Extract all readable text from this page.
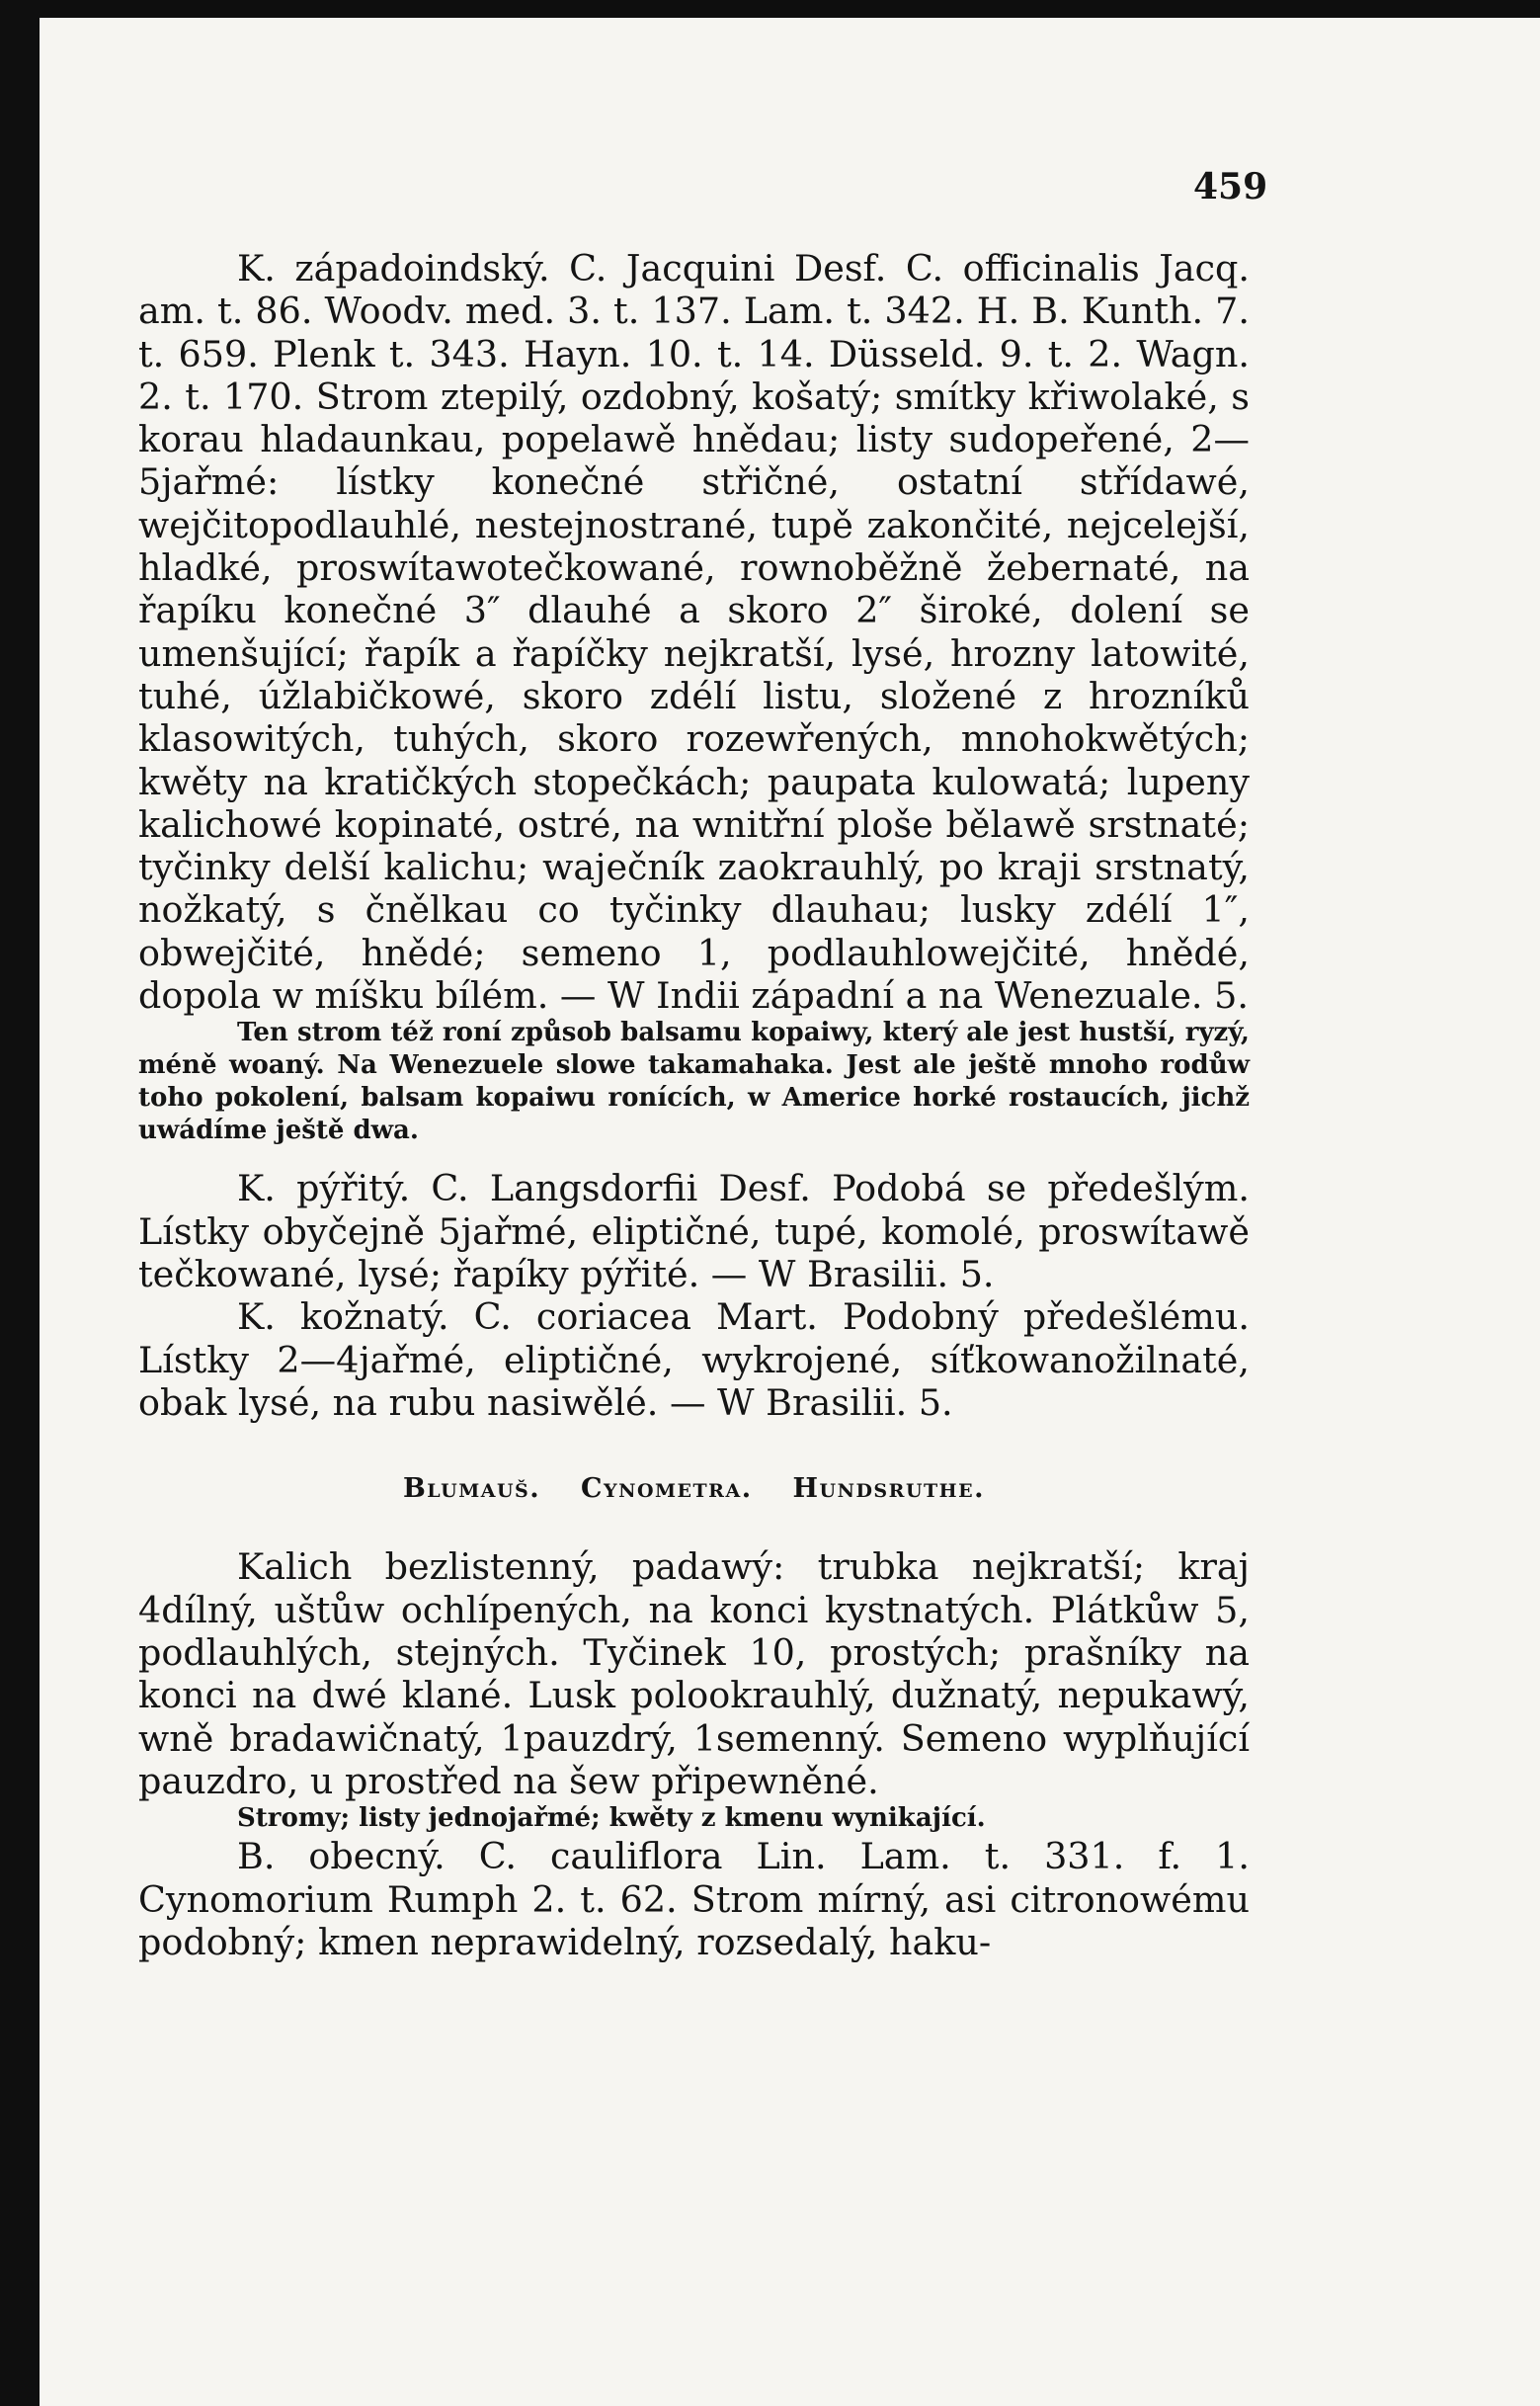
459

K. západoindský. C. Jacquini Desf. C. officinalis Jacq. am. t. 86. Woodv. med. 3. t. 137. Lam. t. 342. H. B. Kunth. 7. t. 659. Plenk t. 343. Hayn. 10. t. 14. Düsseld. 9. t. 2. Wagn. 2. t. 170. Strom ztepilý, ozdobný, košatý; smítky křiwolaké, s korau hladaunkau, popelawě hnědau; listy sudopeřené, 2—5jařmé: lístky konečné střičné, ostatní střídawé, wejčitopodlauhlé, nestejnostrané, tupě zakončité, nejcelejší, hladké, proswítawotečkowané, rownoběžně žebernaté, na řapíku konečné 3″ dlauhé a skoro 2″ široké, dolení se umenšující; řapík a řapíčky nejkratší, lysé, hrozny latowité, tuhé, úžlabičkowé, skoro zdélí listu, složené z hrozníků klasowitých, tuhých, skoro rozewřených, mnohokwětých; kwěty na kratičkých stopečkách; paupata kulowatá; lupeny kalichowé kopinaté, ostré, na wnitřní ploše bělawě srstnaté; tyčinky delší kalichu; waječník zaokrauhlý, po kraji srstnatý, nožkatý, s čnělkau co tyčinky dlauhau; lusky zdélí 1″, obwejčité, hnědé; semeno 1, podlauhlowejčité, hnědé, dopola w míšku bílém. — W Indii západní a na Wenezuale. 5.

Ten strom též roní způsob balsamu kopaiwy, který ale jest hustší, ryzý, méně woaný. Na Wenezuele slowe takamahaka. Jest ale ještě mnoho rodůw toho pokolení, balsam kopaiwu ronících, w Americe horké rostaucích, jichž uwádíme ještě dwa.

K. pýřitý. C. Langsdorfii Desf. Podobá se předešlým. Lístky obyčejně 5jařmé, eliptičné, tupé, komolé, proswítawě tečkowané, lysé; řapíky pýřité. — W Brasilii. 5.

K. kožnatý. C. coriacea Mart. Podobný předešlému. Lístky 2—4jařmé, eliptičné, wykrojené, síťkowanožilnaté, obak lysé, na rubu nasiwělé. — W Brasilii. 5.

Blumauš. Cynometra. Hundsruthe.

Kalich bezlistenný, padawý: trubka nejkratší; kraj 4dílný, uštůw ochlípených, na konci kystnatých. Plátkůw 5, podlauhlých, stejných. Tyčinek 10, prostých; prašníky na konci na dwé klané. Lusk polookrauhlý, dužnatý, nepukawý, wně bradawičnatý, 1pauzdrý, 1semenný. Semeno wyplňující pauzdro, u prostřed na šew připewněné.

Stromy; listy jednojařmé; kwěty z kmenu wynikající.

B. obecný. C. cauliflora Lin. Lam. t. 331. f. 1. Cynomorium Rumph 2. t. 62. Strom mírný, asi citronowému podobný; kmen neprawidelný, rozsedalý, haku-
